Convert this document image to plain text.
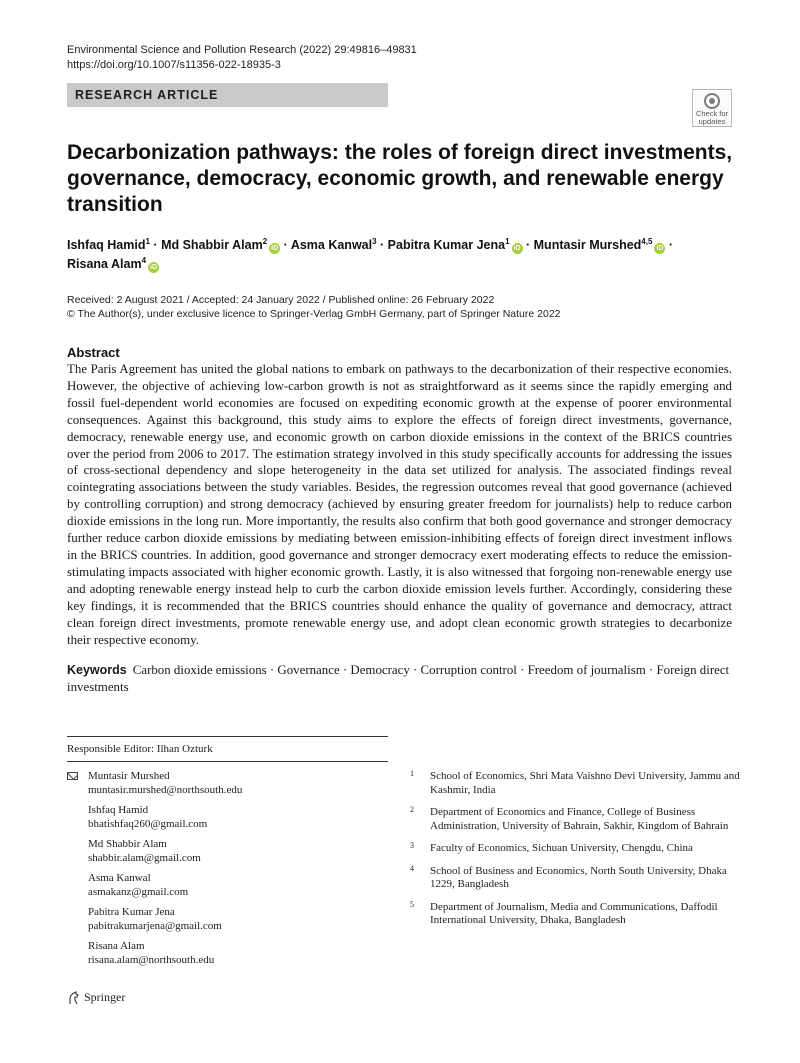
Environmental Science and Pollution Research (2022) 29:49816–49831
https://doi.org/10.1007/s11356-022-18935-3
RESEARCH ARTICLE
Check for
updates
Decarbonization pathways: the roles of foreign direct investments, governance, democracy, economic growth, and renewable energy transition
Ishfaq Hamid$^1$ · Md Shabbir Alam$^2$iD · Asma Kanwal$^3$ · Pabitra Kumar Jena$^1$iD · Muntasir Murshed$^{4,5}$iD ·
Risana Alam$^4$iD
Received: 2 August 2021 / Accepted: 24 January 2022 / Published online: 26 February 2022
© The Author(s), under exclusive licence to Springer-Verlag GmbH Germany, part of Springer Nature 2022
Abstract
The Paris Agreement has united the global nations to embark on pathways to the decarbonization of their respective economies. However, the objective of achieving low-carbon growth is not as straightforward as it seems since the rapidly emerging and fossil fuel-dependent world economies are focused on expediting economic growth at the expense of poorer environmental consequences. Against this background, this study aims to explore the effects of foreign direct investments, governance, democracy, renewable energy use, and economic growth on carbon dioxide emissions in the context of the BRICS countries over the period from 2006 to 2017. The estimation strategy involved in this study specifically accounts for addressing the issues of cross-sectional dependency and slope heterogeneity in the data set utilized for analysis. The associated findings reveal cointegrating associations between the study variables. Besides, the regression outcomes reveal that good governance (achieved by controlling corruption) and strong democracy (achieved by ensuring greater freedom for journalists) help to reduce carbon dioxide emissions in the long run. More importantly, the results also confirm that both good governance and stronger democracy further reduce carbon dioxide emissions by mediating between emission-inhibiting effects of foreign direct investment inflows in the BRICS countries. In addition, good governance and stronger democracy exert moderating effects to reduce the emission-stimulating impacts associated with higher economic growth. Lastly, it is also witnessed that forgoing non-renewable energy use and adopting renewable energy instead help to curb the carbon dioxide emission levels further. Accordingly, considering these key findings, it is recommended that the BRICS countries should enhance the quality of governance and democracy, attract clean foreign direct investments, promote renewable energy use, and adopt clean economic growth strategies to decarbonize their respective economy.
Keywords Carbon dioxide emissions · Governance · Democracy · Corruption control · Freedom of journalism · Foreign direct investments
Responsible Editor: Ilhan Ozturk
Muntasir Murshed
muntasir.murshed@northsouth.edu
Ishfaq Hamid
bhatishfaq260@gmail.com
Md Shabbir Alam
shabbir.alam@gmail.com
Asma Kanwal
asmakanz@gmail.com
Pabitra Kumar Jena
pabitrakumarjena@gmail.com
Risana Alam
risana.alam@northsouth.edu
1 School of Economics, Shri Mata Vaishno Devi University, Jammu and Kashmir, India
2 Department of Economics and Finance, College of Business Administration, University of Bahrain, Sakhir, Kingdom of Bahrain
3 Faculty of Economics, Sichuan University, Chengdu, China
4 School of Business and Economics, North South University, Dhaka 1229, Bangladesh
5 Department of Journalism, Media and Communications, Daffodil International University, Dhaka, Bangladesh
Springer
